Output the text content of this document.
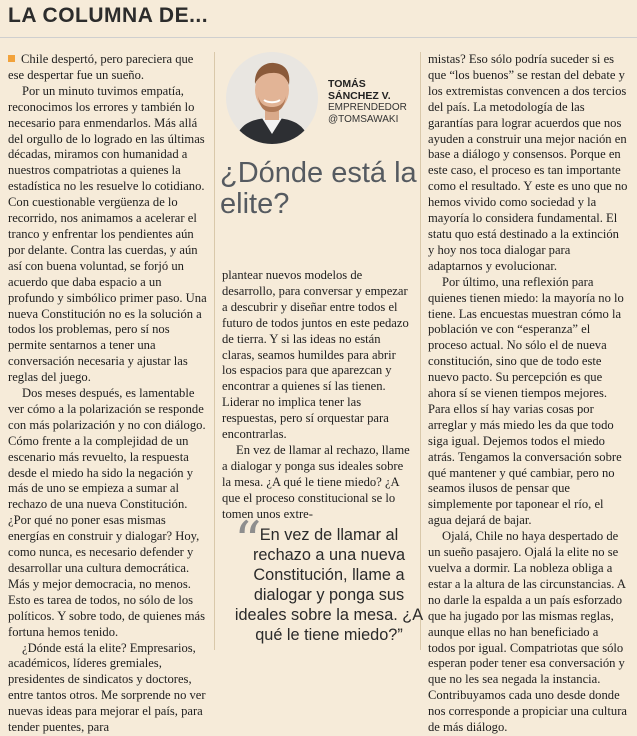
LA COLUMNA DE...

Chile despertó, pero pareciera que ese despertar fue un sueño.

Por un minuto tuvimos empatía, reconocimos los errores y también lo necesario para enmendarlos. Más allá del orgullo de lo logrado en las últimas décadas, miramos con humanidad a nuestros compatriotas a quienes la estadística no les resuelve lo cotidiano. Con cuestionable vergüenza de lo recorrido, nos animamos a acelerar el tranco y enfrentar los pendientes aún por delante. Contra las cuerdas, y aún así con buena voluntad, se forjó un acuerdo que daba espacio a un profundo y simbólico primer paso. Una nueva Constitución no es la solución a todos los problemas, pero sí nos permite sentarnos a tener una conversación necesaria y ajustar las reglas del juego.

Dos meses después, es lamentable ver cómo a la polarización se responde con más polarización y no con diálogo. Cómo frente a la complejidad de un escenario más revuelto, la respuesta desde el miedo ha sido la negación y más de uno se empieza a sumar al rechazo de una nueva Constitución. ¿Por qué no poner esas mismas energías en construir y dialogar? Hoy, como nunca, es necesario defender y desarrollar una cultura democrática. Más y mejor democracia, no menos. Esto es tarea de todos, no sólo de los políticos. Y sobre todo, de quienes más fortuna hemos tenido.

¿Dónde está la elite? Empresarios, académicos, líderes gremiales, presidentes de sindicatos y doctores, entre tantos otros. Me sorprende no ver nuevas ideas para mejorar el país, para tender puentes, para

TOMÁS
SÁNCHEZ V.
EMPRENDEDOR
@TOMSAWAKI
¿Dónde está la elite?

plantear nuevos modelos de desarrollo, para conversar y empezar a descubrir y diseñar entre todos el futuro de todos juntos en este pedazo de tierra. Y si las ideas no están claras, seamos humildes para abrir los espacios para que aparezcan y encontrar a quienes sí las tienen. Liderar no implica tener las respuestas, pero sí orquestar para encontrarlas.

En vez de llamar al rechazo, llame a dialogar y ponga sus ideales sobre la mesa. ¿A qué le tiene miedo? ¿A que el proceso constitucional se lo tomen unos extre-

“
En vez de llamar al rechazo a una nueva Constitución, llame a dialogar y ponga sus ideales sobre la mesa. ¿A qué le tiene miedo?”

mistas? Eso sólo podría suceder si es que “los buenos” se restan del debate y los extremistas convencen a dos tercios del país. La metodología de las garantías para lograr acuerdos que nos ayuden a construir una mejor nación en base a diálogo y consensos. Porque en este caso, el proceso es tan importante como el resultado. Y este es uno que no hemos vivido como sociedad y la mayoría lo considera fundamental. El statu quo está destinado a la extinción y hoy nos toca dialogar para adaptarnos y evolucionar.

Por último, una reflexión para quienes tienen miedo: la mayoría no lo tiene. Las encuestas muestran cómo la población ve con “esperanza” el proceso actual. No sólo el de nueva constitución, sino que de todo este nuevo pacto. Su percepción es que ahora sí se vienen tiempos mejores. Para ellos sí hay varias cosas por arreglar y más miedo les da que todo siga igual. Dejemos todos el miedo atrás. Tengamos la conversación sobre qué mantener y qué cambiar, pero no seamos ilusos de pensar que simplemente por taponear el río, el agua dejará de bajar.

Ojalá, Chile no haya despertado de un sueño pasajero. Ojalá la elite no se vuelva a dormir. La nobleza obliga a estar a la altura de las circunstancias. A no darle la espalda a un país esforzado que ha jugado por las mismas reglas, aunque ellas no han beneficiado a todos por igual. Compatriotas que sólo esperan poder tener esa conversación y que no les sea negada la instancia. Contribuyamos cada uno desde donde nos corresponde a propiciar una cultura de más diálogo.
